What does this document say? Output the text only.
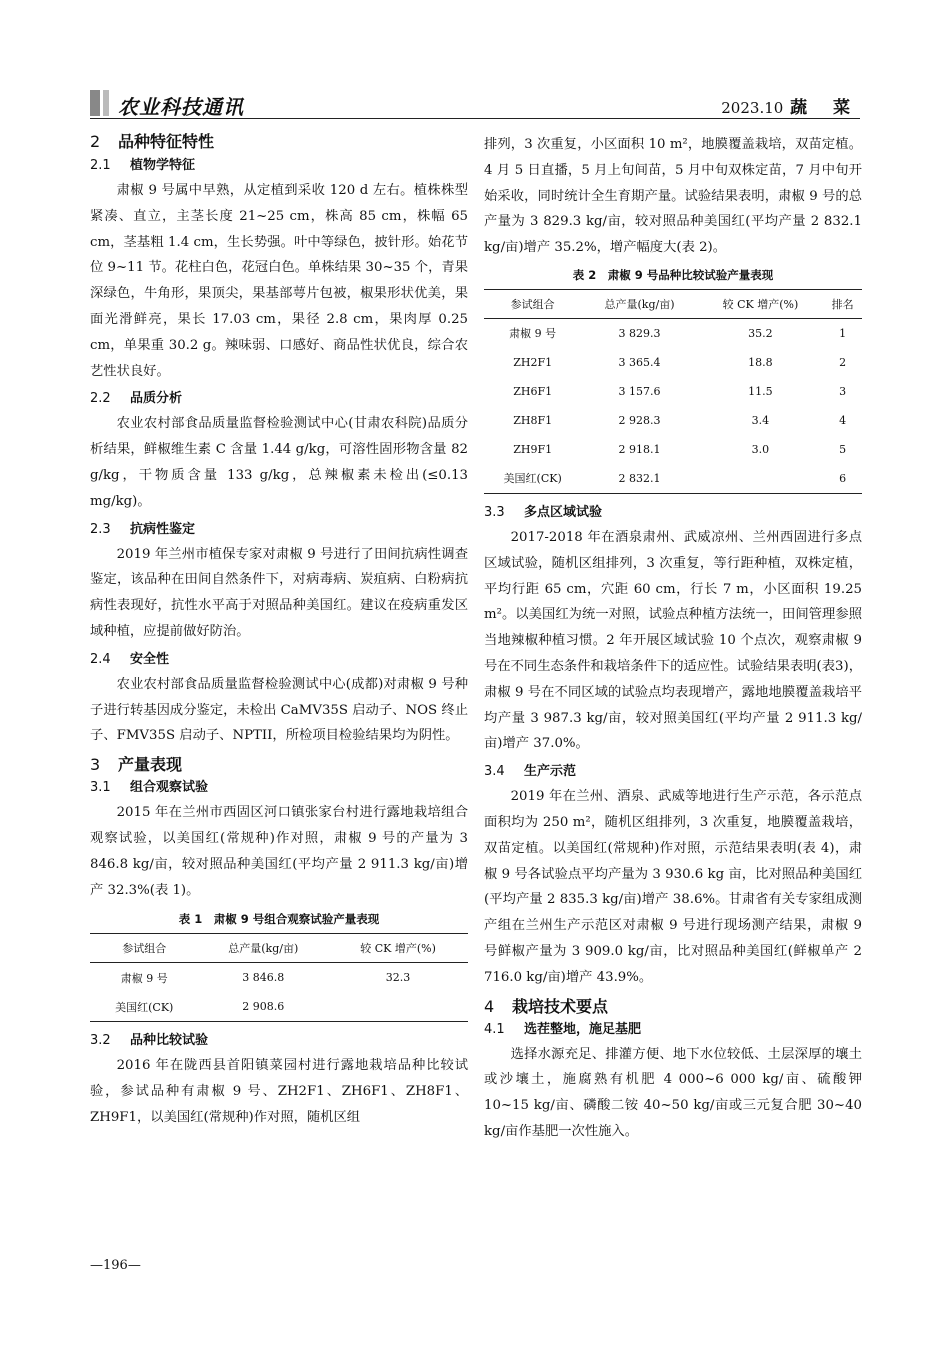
农业科技通讯	2023.10 蔬 菜
2 品种特征特性
2.1 植物学特征

肃椒 9 号属中早熟，从定植到采收 120 d 左右。植株株型紧凑、直立，主茎长度 21~25 cm，株高 85 cm，株幅 65 cm，茎基粗 1.4 cm，生长势强。叶中等绿色，披针形。始花节位 9~11 节。花柱白色，花冠白色。单株结果 30~35 个，青果深绿色，牛角形，果顶尖，果基部萼片包被，椒果形状优美，果面光滑鲜亮，果长 17.03 cm，果径 2.8 cm，果肉厚 0.25 cm，单果重 30.2 g。辣味弱、口感好、商品性状优良，综合农艺性状良好。

2.2 品质分析

农业农村部食品质量监督检验测试中心(甘肃农科院)品质分析结果，鲜椒维生素 C 含量 1.44 g/kg，可溶性固形物含量 82 g/kg，干物质含量 133 g/kg，总辣椒素未检出(≤0.13 mg/kg)。

2.3 抗病性鉴定

2019 年兰州市植保专家对肃椒 9 号进行了田间抗病性调查鉴定，该品种在田间自然条件下，对病毒病、炭疽病、白粉病抗病性表现好，抗性水平高于对照品种美国红。建议在疫病重发区域种植，应提前做好防治。

2.4 安全性

农业农村部食品质量监督检验测试中心(成都)对肃椒 9 号种子进行转基因成分鉴定，未检出 CaMV35S 启动子、NOS 终止子、FMV35S 启动子、NPTII，所检项目检验结果均为阴性。

3 产量表现
3.1 组合观察试验

2015 年在兰州市西固区河口镇张家台村进行露地栽培组合观察试验，以美国红(常规种)作对照，肃椒 9 号的产量为 3 846.8 kg/亩，较对照品种美国红(平均产量 2 911.3 kg/亩)增产 32.3%(表 1)。

表 1　肃椒 9 号组合观察试验产量表现

参试组合	总产量(kg/亩)	较 CK 增产(%)
肃椒 9 号	3 846.8	32.3
美国红(CK)	2 908.6	
3.2 品种比较试验

2016 年在陇西县首阳镇菜园村进行露地栽培品种比较试验，参试品种有肃椒 9 号、ZH2F1、ZH6F1、ZH8F1、ZH9F1，以美国红(常规种)作对照，随机区组

排列，3 次重复，小区面积 10 m²，地膜覆盖栽培，双苗定植。4 月 5 日直播，5 月上旬间苗，5 月中旬双株定苗，7 月中旬开始采收，同时统计全生育期产量。试验结果表明，肃椒 9 号的总产量为 3 829.3 kg/亩，较对照品种美国红(平均产量 2 832.1 kg/亩)增产 35.2%，增产幅度大(表 2)。

表 2　肃椒 9 号品种比较试验产量表现

参试组合	总产量(kg/亩)	较 CK 增产(%)	排名
肃椒 9 号	3 829.3	35.2	1
ZH2F1	3 365.4	18.8	2
ZH6F1	3 157.6	11.5	3
ZH8F1	2 928.3	3.4	4
ZH9F1	2 918.1	3.0	5
美国红(CK)	2 832.1		6
3.3 多点区域试验

2017-2018 年在酒泉肃州、武威凉州、兰州西固进行多点区域试验，随机区组排列，3 次重复，等行距种植，双株定植，平均行距 65 cm，穴距 60 cm，行长 7 m，小区面积 19.25 m²。以美国红为统一对照，试验点种植方法统一，田间管理参照当地辣椒种植习惯。2 年开展区域试验 10 个点次，观察肃椒 9 号在不同生态条件和栽培条件下的适应性。试验结果表明(表3)，肃椒 9 号在不同区域的试验点均表现增产，露地地膜覆盖栽培平均产量 3 987.3 kg/亩，较对照美国红(平均产量 2 911.3 kg/亩)增产 37.0%。

3.4 生产示范

2019 年在兰州、酒泉、武威等地进行生产示范，各示范点面积均为 250 m²，随机区组排列，3 次重复，地膜覆盖栽培，双苗定植。以美国红(常规种)作对照，示范结果表明(表 4)，肃椒 9 号各试验点平均产量为 3 930.6 kg 亩，比对照品种美国红(平均产量 2 835.3 kg/亩)增产 38.6%。甘肃省有关专家组成测产组在兰州生产示范区对肃椒 9 号进行现场测产结果，肃椒 9 号鲜椒产量为 3 909.0 kg/亩，比对照品种美国红(鲜椒单产 2 716.0 kg/亩)增产 43.9%。

4 栽培技术要点
4.1 选茬整地，施足基肥

选择水源充足、排灌方便、地下水位较低、土层深厚的壤土或沙壤土，施腐熟有机肥 4 000~6 000 kg/亩、硫酸钾 10~15 kg/亩、磷酸二铵 40~50 kg/亩或三元复合肥 30~40 kg/亩作基肥一次性施入。

—196—
